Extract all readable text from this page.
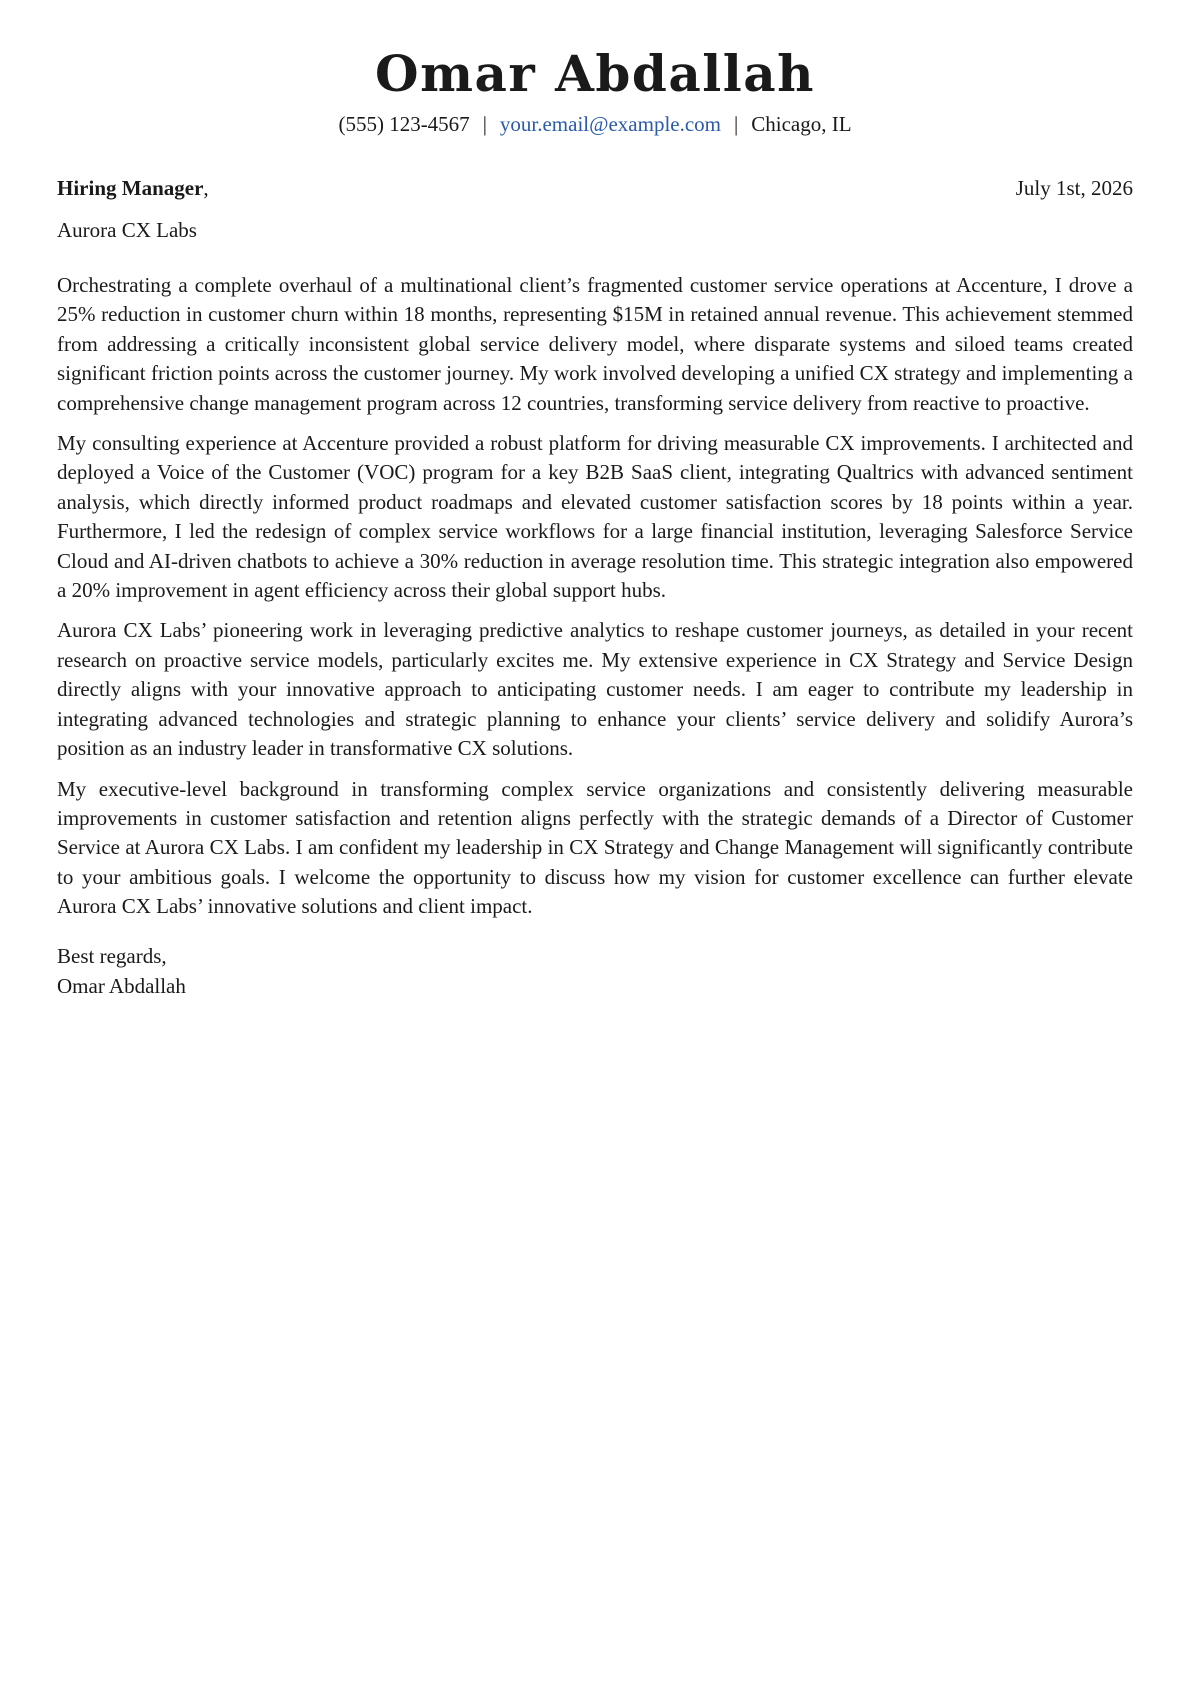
Omar Abdallah
(555) 123-4567 | your.email@example.com | Chicago, IL
Hiring Manager,	July 1st, 2026
Aurora CX Labs

Orchestrating a complete overhaul of a multinational client’s fragmented customer service operations at Accenture, I drove a 25% reduction in customer churn within 18 months, representing $15M in retained annual revenue. This achievement stemmed from addressing a critically inconsistent global service delivery model, where disparate systems and siloed teams created significant friction points across the customer journey. My work involved developing a unified CX strategy and implementing a comprehensive change management program across 12 countries, transforming service delivery from reactive to proactive.

My consulting experience at Accenture provided a robust platform for driving measurable CX improvements. I architected and deployed a Voice of the Customer (VOC) program for a key B2B SaaS client, integrating Qualtrics with advanced sentiment analysis, which directly informed product roadmaps and elevated customer satisfaction scores by 18 points within a year. Furthermore, I led the redesign of complex service workflows for a large financial institution, leveraging Salesforce Service Cloud and AI-driven chatbots to achieve a 30% reduction in average resolution time. This strategic integration also empowered a 20% improvement in agent efficiency across their global support hubs.

Aurora CX Labs’ pioneering work in leveraging predictive analytics to reshape customer journeys, as detailed in your recent research on proactive service models, particularly excites me. My extensive experience in CX Strategy and Service Design directly aligns with your innovative approach to anticipating customer needs. I am eager to contribute my leadership in integrating advanced technologies and strategic planning to enhance your clients’ service delivery and solidify Aurora’s position as an industry leader in transformative CX solutions.

My executive-level background in transforming complex service organizations and consistently delivering measurable improvements in customer satisfaction and retention aligns perfectly with the strategic demands of a Director of Customer Service at Aurora CX Labs. I am confident my leadership in CX Strategy and Change Management will significantly contribute to your ambitious goals. I welcome the opportunity to discuss how my vision for customer excellence can further elevate Aurora CX Labs’ innovative solutions and client impact.

Best regards,
Omar Abdallah
